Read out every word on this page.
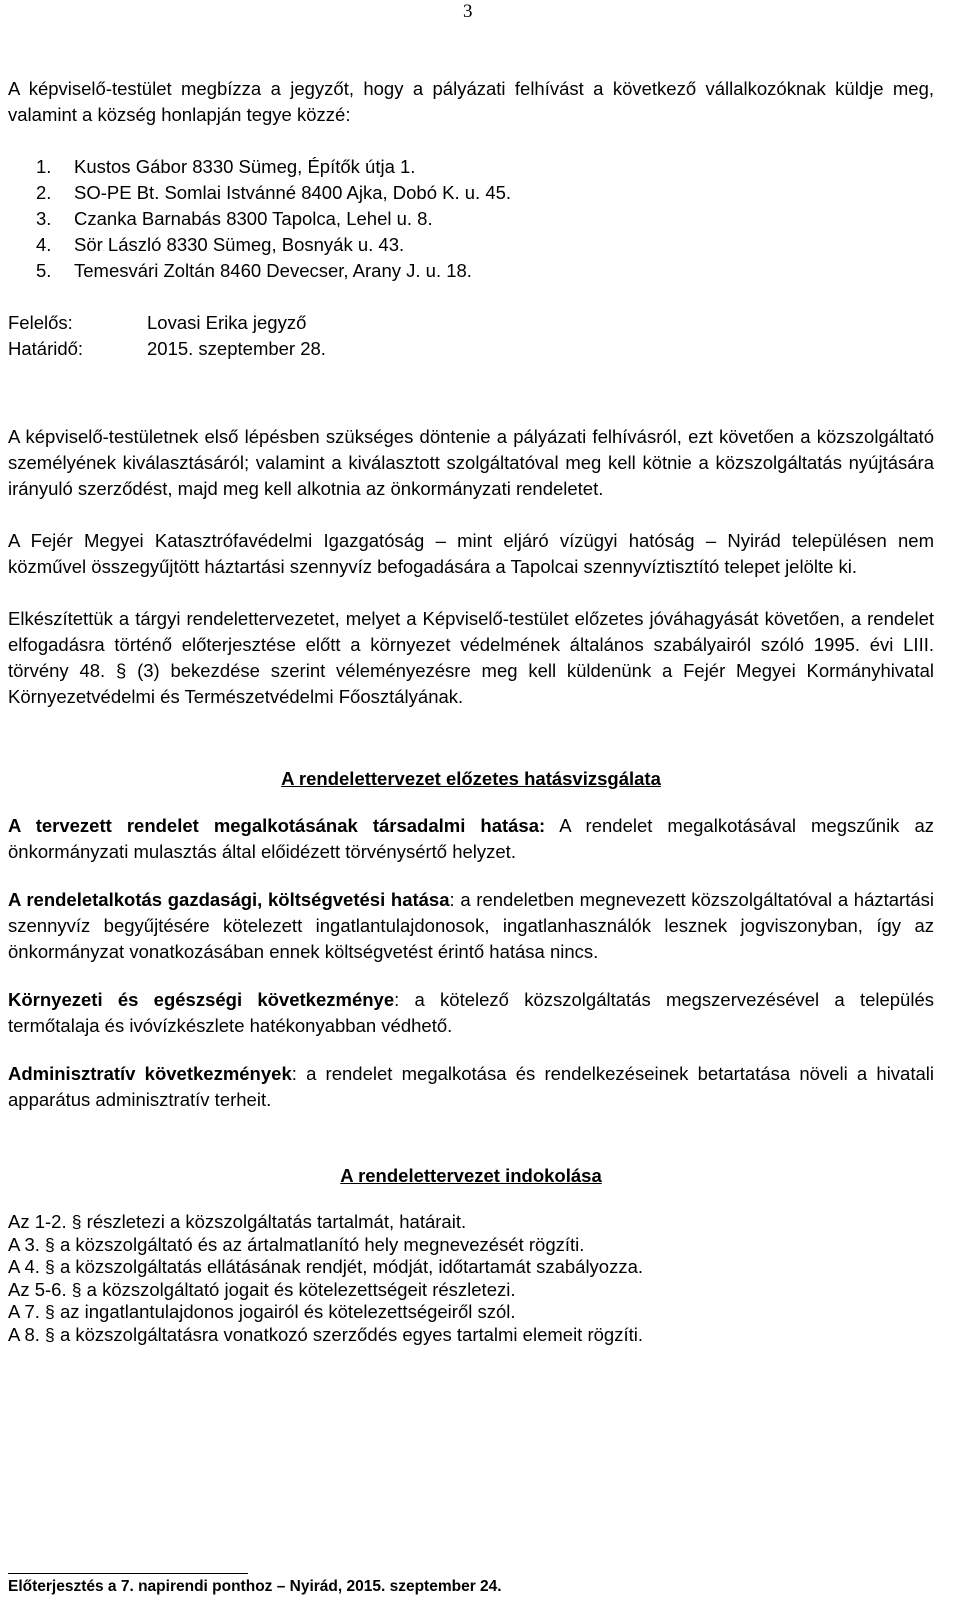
3

A képviselő-testület megbízza a jegyzőt, hogy a pályázati felhívást a következő vállalkozóknak küldje meg, valamint a község honlapján tegye közzé:

1. Kustos Gábor 8330 Sümeg, Építők útja 1.
2. SO-PE Bt. Somlai Istvánné 8400 Ajka, Dobó K. u. 45.
3. Czanka Barnabás 8300 Tapolca, Lehel u. 8.
4. Sör László 8330 Sümeg, Bosnyák u. 43.
5. Temesvári Zoltán 8460 Devecser, Arany J. u. 18.
Felelős:	Lovasi Erika jegyző
Határidő:	2015. szeptember 28.

A képviselő-testületnek első lépésben szükséges döntenie a pályázati felhívásról, ezt követően a közszolgáltató személyének kiválasztásáról; valamint a kiválasztott szolgáltatóval meg kell kötnie a közszolgáltatás nyújtására irányuló szerződést, majd meg kell alkotnia az önkormányzati rendeletet.

A Fejér Megyei Katasztrófavédelmi Igazgatóság – mint eljáró vízügyi hatóság – Nyirád településen nem közművel összegyűjtött háztartási szennyvíz befogadására a Tapolcai szennyvíztisztító telepet jelölte ki.

Elkészítettük a tárgyi rendelettervezetet, melyet a Képviselő-testület előzetes jóváhagyását követően, a rendelet elfogadásra történő előterjesztése előtt a környezet védelmének általános szabályairól szóló 1995. évi LIII. törvény 48. § (3) bekezdése szerint véleményezésre meg kell küldenünk a Fejér Megyei Kormányhivatal Környezetvédelmi és Természetvédelmi Főosztályának.

A rendelettervezet előzetes hatásvizsgálata

A tervezett rendelet megalkotásának társadalmi hatása: A rendelet megalkotásával megszűnik az önkormányzati mulasztás által előidézett törvénysértő helyzet.

A rendeletalkotás gazdasági, költségvetési hatása: a rendeletben megnevezett közszolgáltatóval a háztartási szennyvíz begyűjtésére kötelezett ingatlantulajdonosok, ingatlanhasználók lesznek jogviszonyban, így az önkormányzat vonatkozásában ennek költségvetést érintő hatása nincs.

Környezeti és egészségi következménye: a kötelező közszolgáltatás megszervezésével a település termőtalaja és ivóvízkészlete hatékonyabban védhető.

Adminisztratív következmények: a rendelet megalkotása és rendelkezéseinek betartatása növeli a hivatali apparátus adminisztratív terheit.

A rendelettervezet indokolása

Az 1-2. § részletezi a közszolgáltatás tartalmát, határait.
A 3. § a közszolgáltató és az ártalmatlanító hely megnevezését rögzíti.
A 4. § a közszolgáltatás ellátásának rendjét, módját, időtartamát szabályozza.
Az 5-6. § a közszolgáltató jogait és kötelezettségeit részletezi.
A 7. § az ingatlantulajdonos jogairól és kötelezettségeiről szól.
A 8. § a közszolgáltatásra vonatkozó szerződés egyes tartalmi elemeit rögzíti.
Előterjesztés a 7. napirendi ponthoz – Nyirád, 2015. szeptember 24.
